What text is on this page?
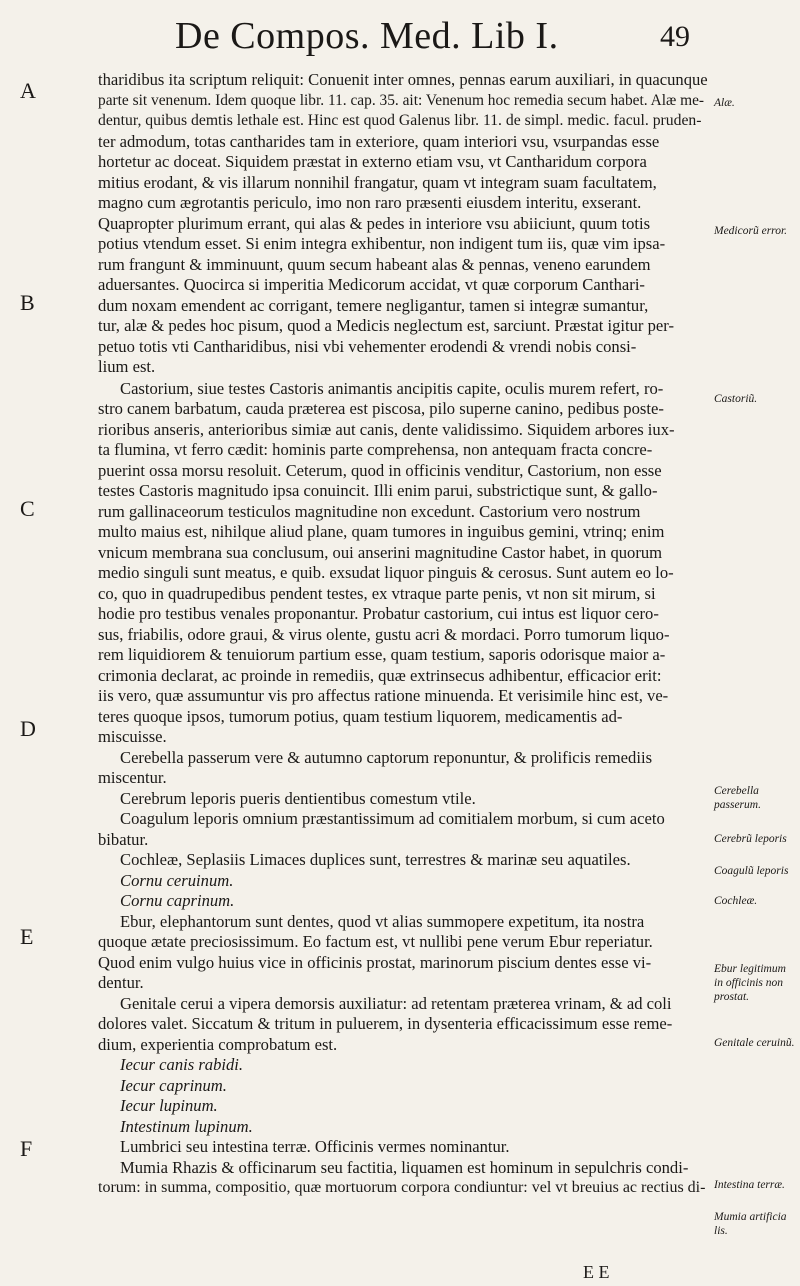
De Compos. Med. Lib I.	49
A
B
C
D
E
F
Alæ.
Medicorũ error.
Castoriũ.
Cerebella passerum.
Cerebrũ leporis
Coagulũ leporis
Cochleæ.
Ebur legitimum in officinis non prostat.
Genitale ceruinũ.
Intestina terræ.
Mumia artificia lis.

tharidibus ita scriptum reliquit: Conuenit inter omnes, pennas earum auxiliari, in quacunque
parte sit venenum. Idem quoque libr. 11. cap. 35. ait: Venenum hoc remedia secum habet. Alæ me-
dentur, quibus demtis lethale est. Hinc est quod Galenus libr. 11. de simpl. medic. facul. pruden-
ter admodum, totas cantharides tam in exteriore, quam interiori vsu, vsurpandas esse
hortetur ac doceat. Siquidem præstat in externo etiam vsu, vt Cantharidum corpora
mitius erodant, & vis illarum nonnihil frangatur, quam vt integram suam facultatem,
magno cum ægrotantis periculo, imo non raro præsenti eiusdem interitu, exserant.
Quapropter plurimum errant, qui alas & pedes in interiore vsu abiiciunt, quum totis
potius vtendum esset. Si enim integra exhibentur, non indigent tum iis, quæ vim ipsa-
rum frangunt & imminuunt, quum secum habeant alas & pennas, veneno earundem
aduersantes. Quocirca si imperitia Medicorum accidat, vt quæ corporum Canthari-
dum noxam emendent ac corrigant, temere negligantur, tamen si integræ sumantur,
tur, alæ & pedes hoc pisum, quod a Medicis neglectum est, sarciunt. Præstat igitur per-
petuo totis vti Cantharidibus, nisi vbi vehementer erodendi & vrendi nobis consi-
lium est.

Castorium, siue testes Castoris animantis ancipitis capite, oculis murem refert, ro-
stro canem barbatum, cauda præterea est piscosa, pilo superne canino, pedibus poste-
rioribus anseris, anterioribus simiæ aut canis, dente validissimo. Siquidem arbores iux-
ta flumina, vt ferro cædit: hominis parte comprehensa, non antequam fracta concre-
puerint ossa morsu resoluit. Ceterum, quod in officinis venditur, Castorium, non esse
testes Castoris magnitudo ipsa conuincit. Illi enim parui, substrictique sunt, & gallo-
rum gallinaceorum testiculos magnitudine non excedunt. Castorium vero nostrum
multo maius est, nihilque aliud plane, quam tumores in inguibus gemini, vtrinq; enim
vnicum membrana sua conclusum, oui anserini magnitudine Castor habet, in quorum
medio singuli sunt meatus, e quib. exsudat liquor pinguis & cerosus. Sunt autem eo lo-
co, quo in quadrupedibus pendent testes, ex vtraque parte penis, vt non sit mirum, si
hodie pro testibus venales proponantur. Probatur castorium, cui intus est liquor cero-
sus, friabilis, odore graui, & virus olente, gustu acri & mordaci. Porro tumorum liquo-
rem liquidiorem & tenuiorum partium esse, quam testium, saporis odorisque maior a-
crimonia declarat, ac proinde in remediis, quæ extrinsecus adhibentur, efficacior erit:
iis vero, quæ assumuntur vis pro affectus ratione minuenda. Et verisimile hinc est, ve-
teres quoque ipsos, tumorum potius, quam testium liquorem, medicamentis ad-
miscuisse.

Cerebella passerum vere & autumno captorum reponuntur, & prolificis remediis
miscentur.

Cerebrum leporis pueris dentientibus comestum vtile.

Coagulum leporis omnium præstantissimum ad comitialem morbum, si cum aceto
bibatur.

Cochleæ, Seplasiis Limaces duplices sunt, terrestres & marinæ seu aquatiles.

Cornu ceruinum.
Cornu caprinum.

Ebur, elephantorum sunt dentes, quod vt alias summopere expetitum, ita nostra
quoque ætate preciosissimum. Eo factum est, vt nullibi pene verum Ebur reperiatur.
Quod enim vulgo huius vice in officinis prostat, marinorum piscium dentes esse vi-
dentur.

Genitale cerui a vipera demorsis auxiliatur: ad retentam præterea vrinam, & ad coli
dolores valet. Siccatum & tritum in puluerem, in dysenteria efficacissimum esse reme-
dium, experientia comprobatum est.

Iecur canis rabidi.
Iecur caprinum.
Iecur lupinum.
Intestinum lupinum.

Lumbrici seu intestina terræ. Officinis vermes nominantur.

Mumia Rhazis & officinarum seu factitia, liquamen est hominum in sepulchris condi-
torum: in summa, compositio, quæ mortuorum corpora condiuntur: vel vt breuius ac rectius di-

E E
